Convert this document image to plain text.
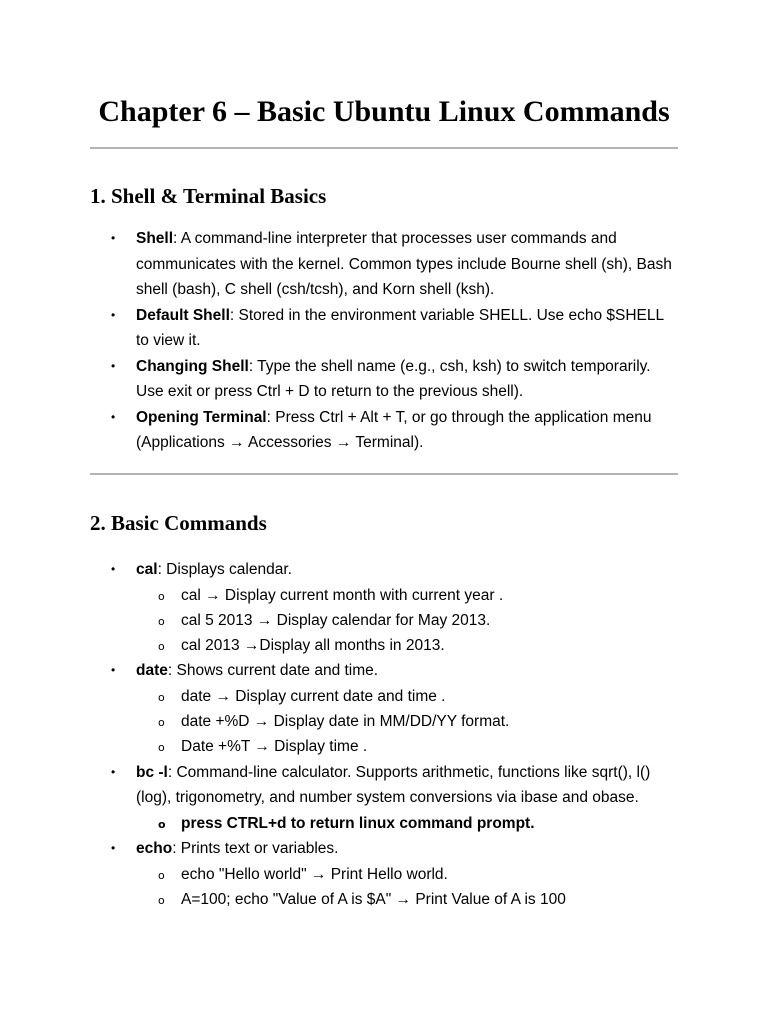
Chapter 6 – Basic Ubuntu Linux Commands
1. Shell & Terminal Basics
• Shell: A command-line interpreter that processes user commands and communicates with the kernel. Common types include Bourne shell (sh), Bash shell (bash), C shell (csh/tcsh), and Korn shell (ksh).
• Default Shell: Stored in the environment variable SHELL. Use echo $SHELL to view it.
• Changing Shell: Type the shell name (e.g., csh, ksh) to switch temporarily. Use exit or press Ctrl + D to return to the previous shell).
• Opening Terminal: Press Ctrl + Alt + T, or go through the application menu (Applications → Accessories → Terminal).
2. Basic Commands
• cal: Displays calendar.
o cal → Display current month with current year .
o cal 5 2013 → Display calendar for May 2013.
o cal 2013 →Display all months in 2013.
• date: Shows current date and time.
o date → Display current date and time .
o date +%D → Display date in MM/DD/YY format.
o Date +%T → Display time .
• bc -l: Command-line calculator. Supports arithmetic, functions like sqrt(), l() (log), trigonometry, and number system conversions via ibase and obase.
o press CTRL+d to return linux command prompt.
• echo: Prints text or variables.
o echo "Hello world" → Print Hello world.
o A=100; echo "Value of A is $A" → Print Value of A is 100
